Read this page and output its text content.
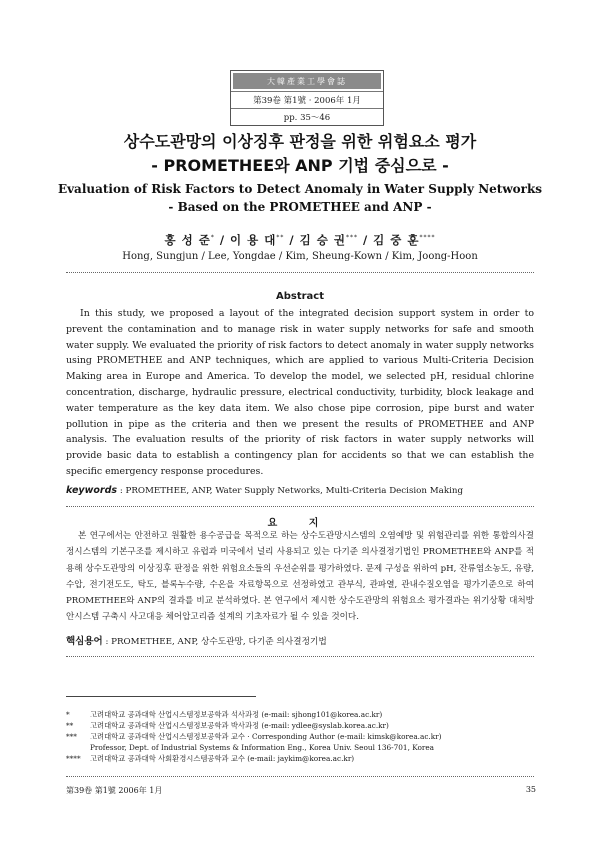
大韓產業工學會誌
第39卷 第1號 · 2006年 1月
pp. 35～46
상수도관망의 이상징후 판정을 위한 위험요소 평가
- PROMETHEE와 ANP 기법 중심으로 -
Evaluation of Risk Factors to Detect Anomaly in Water Supply Networks
- Based on the PROMETHEE and ANP -
홍 성 준* / 이 용 대** / 김 승 권*** / 김 중 훈****
Hong, Sungjun / Lee, Yongdae / Kim, Sheung-Kown / Kim, Joong-Hoon
Abstract
In this study, we proposed a layout of the integrated decision support system in order to prevent the contamination and to manage risk in water supply networks for safe and smooth water supply. We evaluated the priority of risk factors to detect anomaly in water supply networks using PROMETHEE and ANP techniques, which are applied to various Multi-Criteria Decision Making area in Europe and America. To develop the model, we selected pH, residual chlorine concentration, discharge, hydraulic pressure, electrical conductivity, turbidity, block leakage and water temperature as the key data item. We also chose pipe corrosion, pipe burst and water pollution in pipe as the criteria and then we present the results of PROMETHEE and ANP analysis. The evaluation results of the priority of risk factors in water supply networks will provide basic data to establish a contingency plan for accidents so that we can establish the specific emergency response procedures.
keywords : PROMETHEE, ANP, Water Supply Networks, Multi-Criteria Decision Making
요 지
본 연구에서는 안전하고 원활한 용수공급을 목적으로 하는 상수도관망시스템의 오염예방 및 위험관리를 위한 통합의사결정시스템의 기본구조를 제시하고 유럽과 미국에서 널리 사용되고 있는 다기준 의사결정기법인 PROMETHEE와 ANP를 적용해 상수도관망의 이상징후 판정을 위한 위험요소들의 우선순위를 평가하였다. 문제 구성을 위하여 pH, 잔류염소농도, 유량, 수압, 전기전도도, 탁도, 블록누수량, 수온을 자료항목으로 선정하였고 관부식, 관파열, 관내수질오염을 평가기준으로 하여 PROMETHEE와 ANP의 결과를 비교 분석하였다. 본 연구에서 제시한 상수도관망의 위험요소 평가결과는 위기상황 대처방안시스템 구축시 사고대응 체어압고리즘 설계의 기초자료가 될 수 있을 것이다.
핵심용어 : PROMETHEE, ANP, 상수도관망, 다기준 의사결정기법
*	고려대학교 공과대학 산업시스템정보공학과 석사과정 (e-mail: sjhong101@korea.ac.kr)
** 고려대학교 공과대학 산업시스템정보공학과 박사과정 (e-mail: ydlee@syslab.korea.ac.kr)
*** 고려대학교 공과대학 산업시스템정보공학과 교수 · Corresponding Author (e-mail: kimsk@korea.ac.kr)
Professor, Dept. of Industrial Systems & Information Eng., Korea Univ. Seoul 136-701, Korea
**** 고려대학교 공과대학 사회환경시스템공학과 교수 (e-mail: jaykim@korea.ac.kr)
第39卷 第1號 2006年 1月	35
